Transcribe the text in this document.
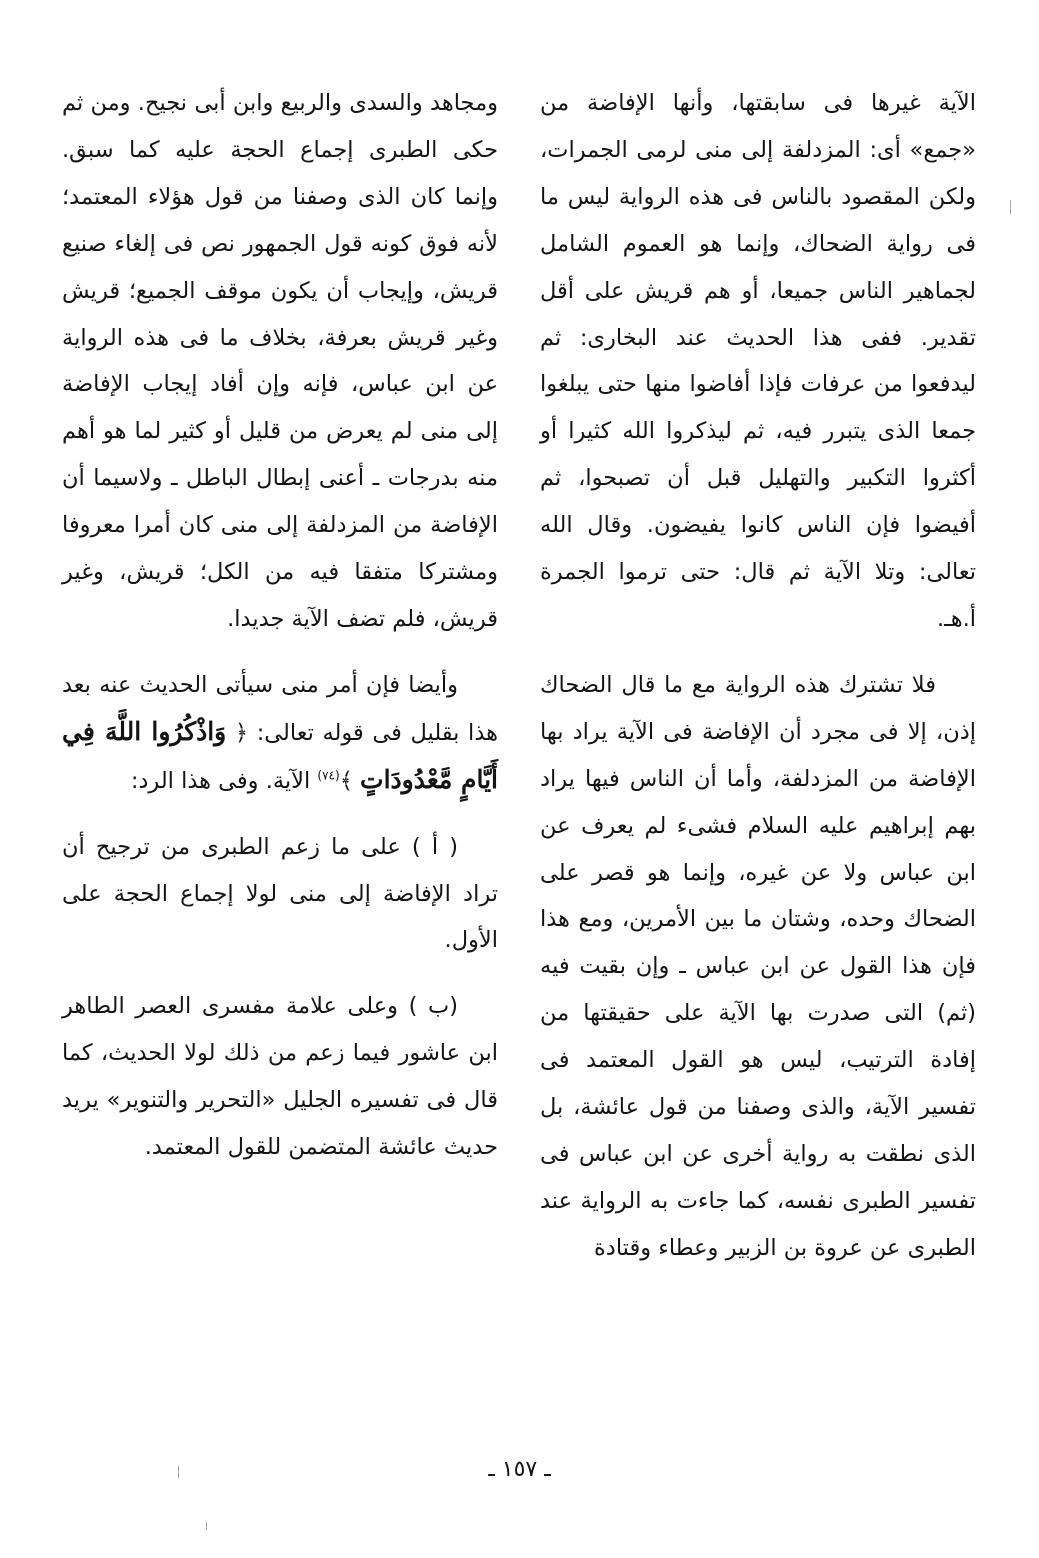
الآية غيرها فى سابقتها، وأنها الإفاضة من «جمع» أى: المزدلفة إلى منى لرمى الجمرات، ولكن المقصود بالناس فى هذه الرواية ليس ما فى رواية الضحاك، وإنما هو العموم الشامل لجماهير الناس جميعا، أو هم قريش على أقل تقدير. ففى هذا الحديث عند البخارى: ثم ليدفعوا من عرفات فإذا أفاضوا منها حتى يبلغوا جمعا الذى يتبرر فيه، ثم ليذكروا الله كثيرا أو أكثروا التكبير والتهليل قبل أن تصبحوا، ثم أفيضوا فإن الناس كانوا يفيضون. وقال الله تعالى: وتلا الآية ثم قال: حتى ترموا الجمرة أ.هـ.

فلا تشترك هذه الرواية مع ما قال الضحاك إذن، إلا فى مجرد أن الإفاضة فى الآية يراد بها الإفاضة من المزدلفة، وأما أن الناس فيها يراد بهم إبراهيم عليه السلام فشىء لم يعرف عن ابن عباس ولا عن غيره، وإنما هو قصر على الضحاك وحده، وشتان ما بين الأمرين، ومع هذا فإن هذا القول عن ابن عباس ـ وإن بقيت فيه (ثم) التى صدرت بها الآية على حقيقتها من إفادة الترتيب، ليس هو القول المعتمد فى تفسير الآية، والذى وصفنا من قول عائشة، بل الذى نطقت به رواية أخرى عن ابن عباس فى تفسير الطبرى نفسه، كما جاءت به الرواية عند الطبرى عن عروة بن الزبير وعطاء وقتادة

ومجاهد والسدى والربيع وابن أبى نجيح. ومن ثم حكى الطبرى إجماع الحجة عليه كما سبق. وإنما كان الذى وصفنا من قول هؤلاء المعتمد؛ لأنه فوق كونه قول الجمهور نص فى إلغاء صنيع قريش، وإيجاب أن يكون موقف الجميع؛ قريش وغير قريش بعرفة، بخلاف ما فى هذه الرواية عن ابن عباس، فإنه وإن أفاد إيجاب الإفاضة إلى منى لم يعرض من قليل أو كثير لما هو أهم منه بدرجات ـ أعنى إبطال الباطل ـ ولاسيما أن الإفاضة من المزدلفة إلى منى كان أمرا معروفا ومشتركا متفقا فيه من الكل؛ قريش، وغير قريش، فلم تضف الآية جديدا.

وأيضا فإن أمر منى سيأتى الحديث عنه بعد هذا بقليل فى قوله تعالى: ﴿ وَاذْكُرُوا اللَّهَ فِي أَيَّامٍ مَّعْدُودَاتٍ ﴾$^{(٧٤)}$ الآية. وفى هذا الرد:

( أ ) على ما زعم الطبرى من ترجيح أن تراد الإفاضة إلى منى لولا إجماع الحجة على الأول.

(ب ) وعلى علامة مفسرى العصر الطاهر ابن عاشور فيما زعم من ذلك لولا الحديث، كما قال فى تفسيره الجليل «التحرير والتنوير» يريد حديث عائشة المتضمن للقول المعتمد.

ـ ١٥٧ ـ
